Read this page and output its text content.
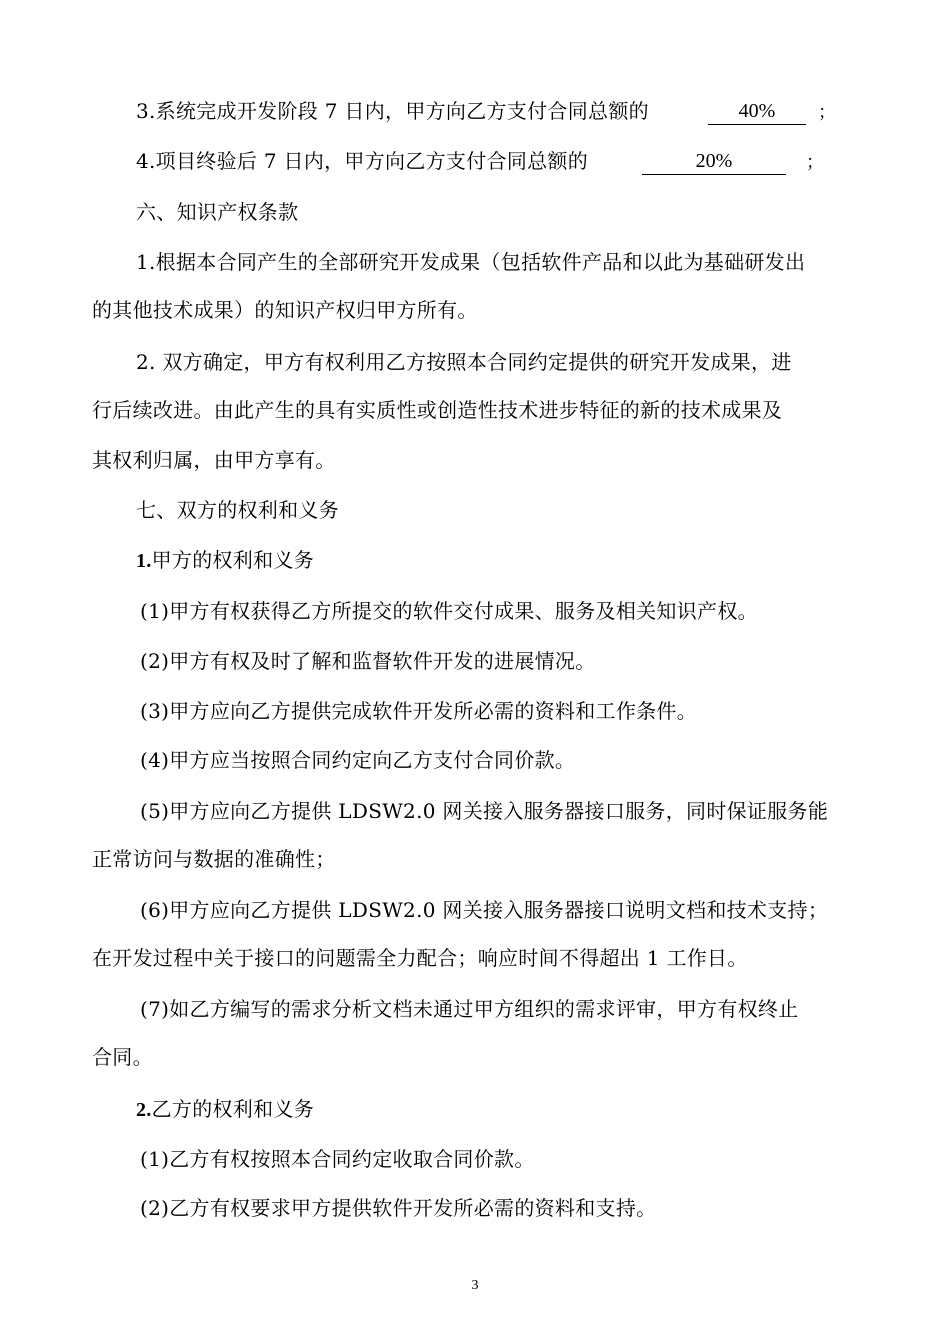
3.系统完成开发阶段 7 日内，甲方向乙方支付合同总额的	40%	；
4.项目终验后 7 日内，甲方向乙方支付合同总额的	20%	；
六、知识产权条款
1.根据本合同产生的全部研究开发成果（包括软件产品和以此为基础研发出
的其他技术成果）的知识产权归甲方所有。
2. 双方确定，甲方有权利用乙方按照本合同约定提供的研究开发成果，进
行后续改进。由此产生的具有实质性或创造性技术进步特征的新的技术成果及
其权利归属，由甲方享有。
七、双方的权利和义务
1.甲方的权利和义务
(1)甲方有权获得乙方所提交的软件交付成果、服务及相关知识产权。
(2)甲方有权及时了解和监督软件开发的进展情况。
(3)甲方应向乙方提供完成软件开发所必需的资料和工作条件。
(4)甲方应当按照合同约定向乙方支付合同价款。
(5)甲方应向乙方提供 LDSW2.0 网关接入服务器接口服务，同时保证服务能
正常访问与数据的准确性；
(6)甲方应向乙方提供 LDSW2.0 网关接入服务器接口说明文档和技术支持；
在开发过程中关于接口的问题需全力配合；响应时间不得超出 1 工作日。
(7)如乙方编写的需求分析文档未通过甲方组织的需求评审，甲方有权终止
合同。
2.乙方的权利和义务
(1)乙方有权按照本合同约定收取合同价款。
(2)乙方有权要求甲方提供软件开发所必需的资料和支持。
3
